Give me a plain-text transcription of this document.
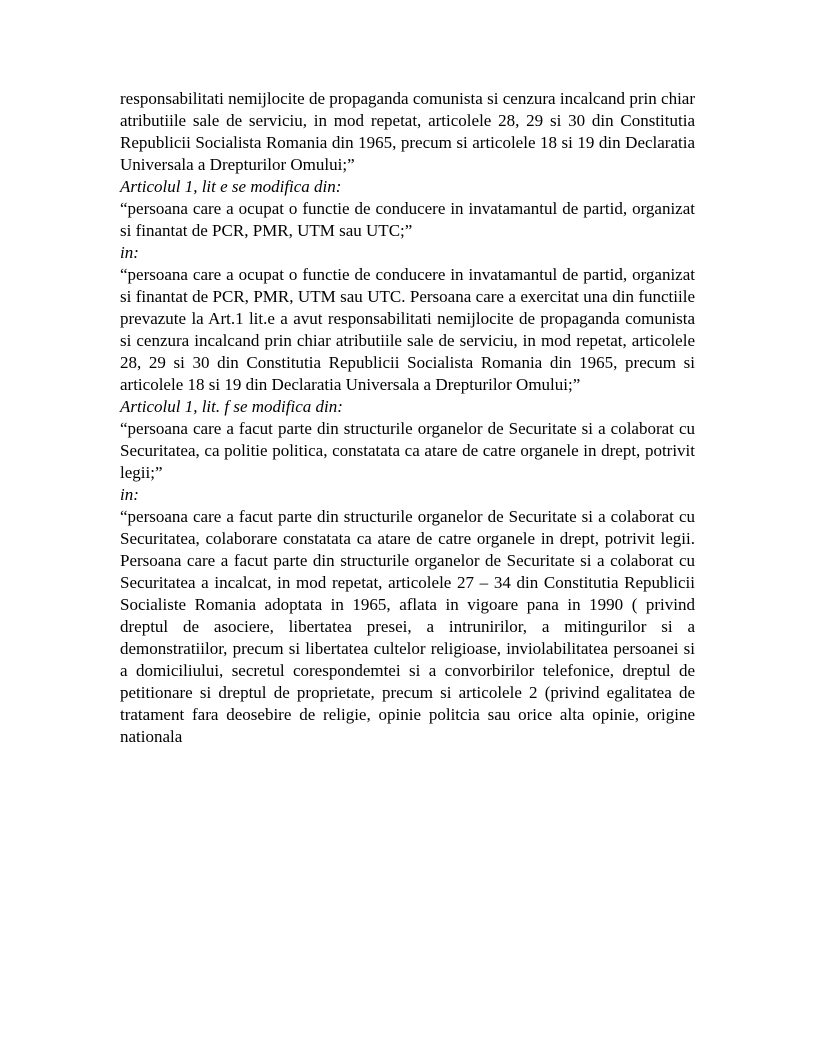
responsabilitati nemijlocite de propaganda comunista si cenzura incalcand prin chiar atributiile sale de serviciu, in mod repetat, articolele 28, 29 si 30 din Constitutia Republicii Socialista Romania din 1965, precum si articolele 18 si 19 din Declaratia Universala a Drepturilor Omului;”

Articolul 1, lit e se modifica din:

“persoana care a ocupat o functie de conducere in invatamantul de partid, organizat si finantat de PCR, PMR, UTM sau UTC;”

in:

“persoana care a ocupat o functie de conducere in invatamantul de partid, organizat si finantat de PCR, PMR, UTM sau UTC. Persoana care a exercitat una din functiile prevazute la Art.1 lit.e a avut responsabilitati nemijlocite de propaganda comunista si cenzura incalcand prin chiar atributiile sale de serviciu, in mod repetat, articolele 28, 29 si 30 din Constitutia Republicii Socialista Romania din 1965, precum si articolele 18 si 19 din Declaratia Universala a Drepturilor Omului;”

Articolul 1, lit. f se modifica din:

“persoana care a facut parte din structurile organelor de Securitate si a colaborat cu Securitatea, ca politie politica, constatata ca atare de catre organele in drept, potrivit legii;”

in:

“persoana care a facut parte din structurile organelor de Securitate si a colaborat cu Securitatea, colaborare constatata ca atare de catre organele in drept, potrivit legii. Persoana care a facut parte din structurile organelor de Securitate si a colaborat cu Securitatea a incalcat, in mod repetat, articolele 27 – 34 din Constitutia Republicii Socialiste Romania adoptata in 1965, aflata in vigoare pana in 1990 ( privind dreptul de asociere, libertatea presei, a intrunirilor, a mitingurilor si a demonstratiilor, precum si libertatea cultelor religioase, inviolabilitatea persoanei si a domiciliului, secretul corespondemtei si a convorbirilor telefonice, dreptul de petitionare si dreptul de proprietate, precum si articolele 2 (privind egalitatea de tratament fara deosebire de religie, opinie politcia sau orice alta opinie, origine nationala
